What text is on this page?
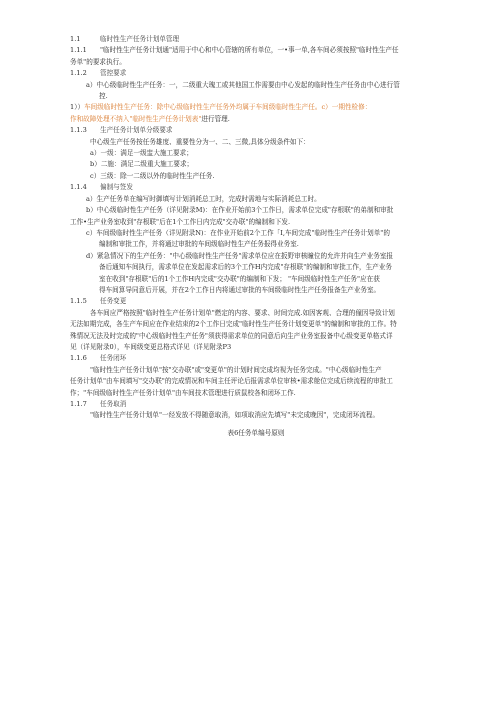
1.1	临时性生产任务计划单管理
1.1.1 "临时性生产任务计划通"适用于中心和中心管辖的所有单位，一•事一单,各车间必须按照"临时性生产任
务单"的要求执行。
1.1.2 管控要求
a）中心级临时性生产任务：一，二级重大瑰工或其他国工作需要由中心发起的临时性生产任务由中心进行管
控.
1））车间级临时性生产任务：除中心级临时性生产任务外均属于车间级临时性生产任。c）一期性检修：
作和故障处理不纳入"临时性生产任务计划表"进行管理.
1.1.3 生产任务计划单分级要求
中心级生产任务按任务雄度、重要性分为一、二、三微,具体分级条件如下：
a）一级：满足一级盅大施工要求；
b）二施：满足二级重大施工要求；
c）三级：除一二级以外的临时性生产任务.
1.1.4 偏制与签发
a）生产任务单在编写时御填写计划消耗总工时，完成时需地与实际消耗总工时。
b）中心级临时性生产任务（详见附录M)：在作业开始前3个工作日，需求单位完成"存根联"的弟制和审批
工作•生产业务室收到"存根联"后在1个工作日内完成"交办联"的编制和下发.
c）车间级临时性生产任务（详见附录N)：在作业开始前2个工作「I,车间完成"临时性生产任务计划单"的
编制和审批工作，并将通过审批的车间级临时性生产任务报得业务室.
d）紧急情况下的生产任务："中心级临时性生产任务"需求单位应在扳野审核瞳位的允许并向生产业务室报
备后通知车间执行，需求单位在发起需求后的3个工作H内完成"存根联"的编制和审批工作，生产业务
室在收到"存根联"后的1个工作H内完成"交办联"的编制和下发； "车间级临时性生产任务"应在获
得车间算导同意后开展，并在2个工作日内将通过审批的车间级临时性生产任务报备生产业务室。
1.1.5 任务变更
各车间应严格按照"临时性生产任务计划单"燃定的内容、要求、时间完成.如因客观、合理的僮因导致计划
无法如期完成，各生产车间应在作业结束的2个工作日完成"临时性生产任务计划变更单"的编制和审批的工作。特
殊情况无法及时完成的"中心级临时性生产任务"须获得需求单位的同意后向生产业务室报备中心级变更单格式详
见（详见附录0），车间级变更总格式详见（详见附录P3
1.1.6 任务闭环
"临时性生产任务计划单"按"交办联"或"变更单"的计划时间完成均视为任务完成。"中心级临时性生产
任务计划单"由车间填写"交办联"的完成情况和车间主任评论后报需求单位审核•需求舱位完成后续流程的审批工
作；"车间级临时性生产任务计划单"由车间技术管理进行质鼠校各和闭环工作.
1.1.7 任务取消
"临时性生产任务计划单"一经发放不得随意取消，如项取消应先填写"未完成晚因"，完成闭环流程。
表6任务单编号原则
